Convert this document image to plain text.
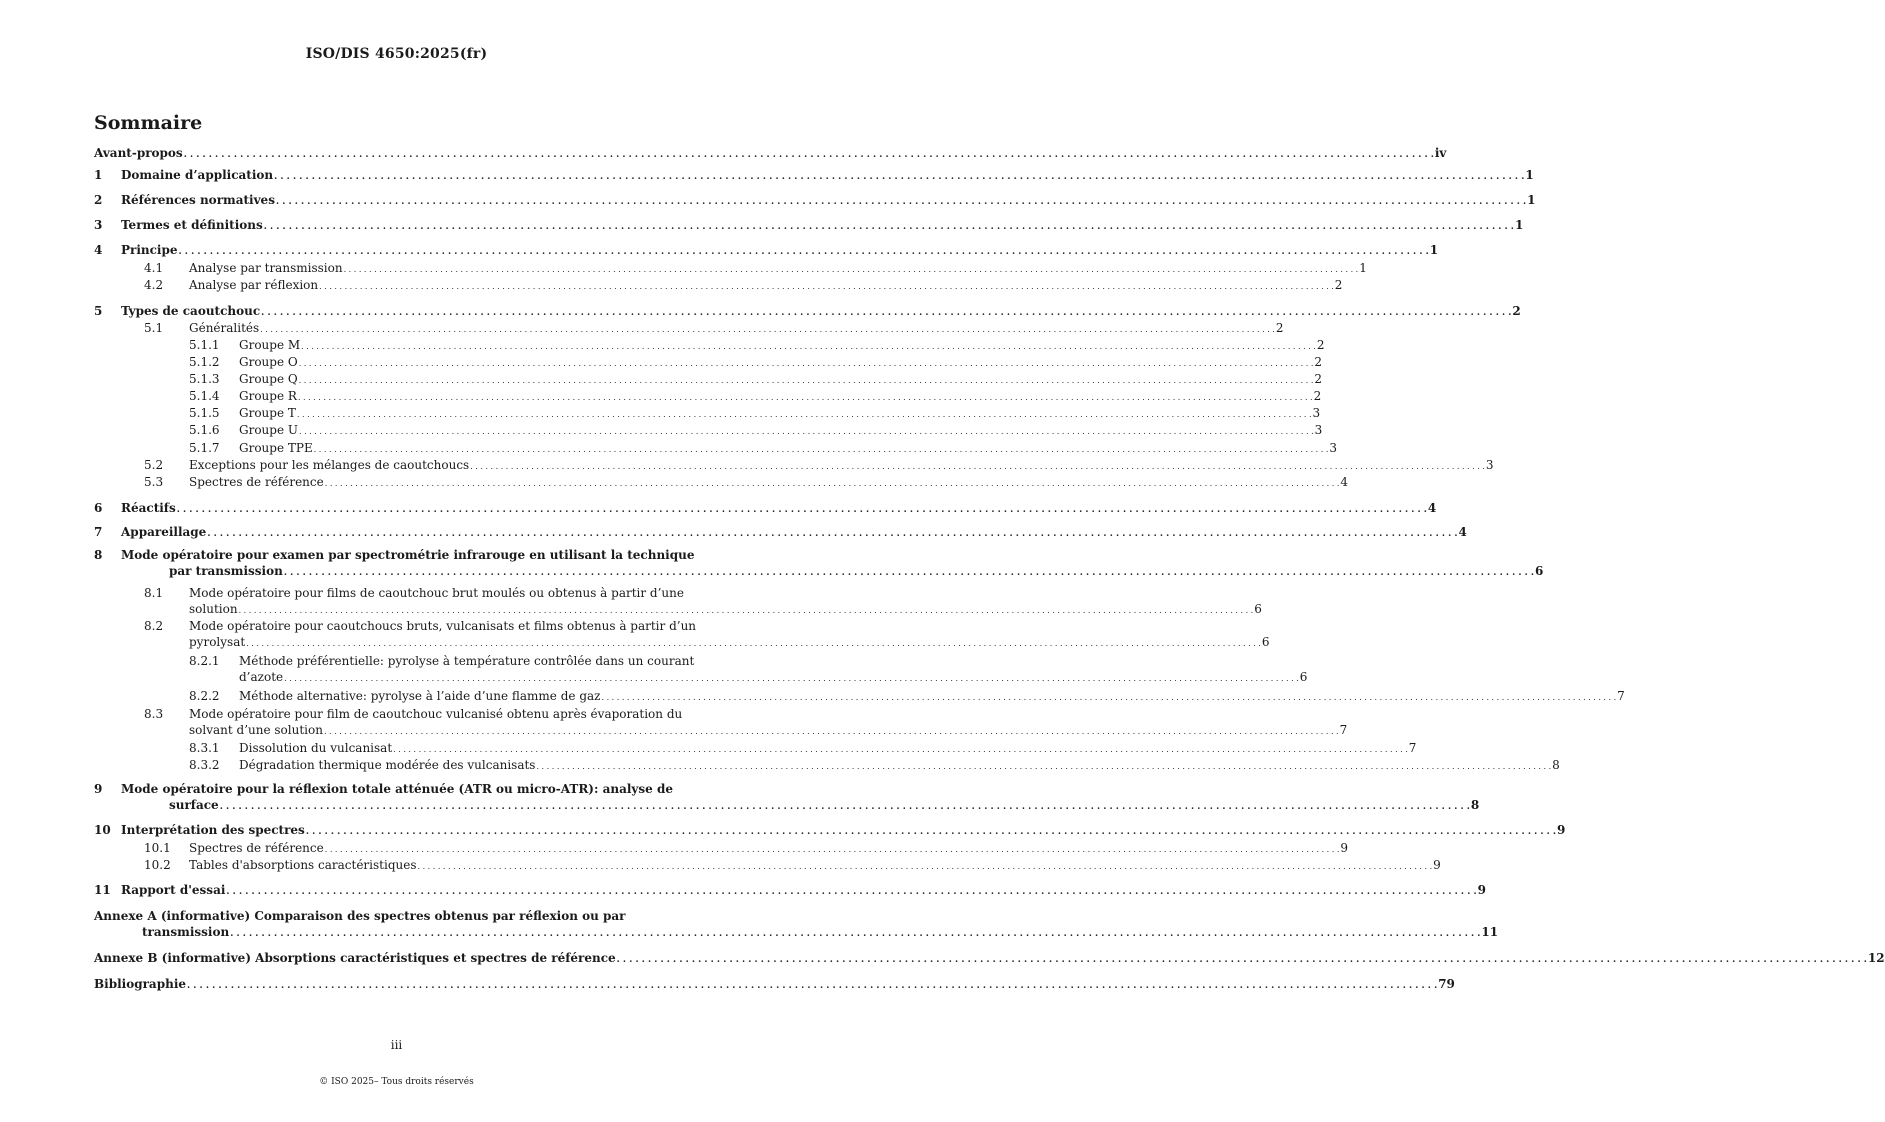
ISO/DIS 4650:2025(fr)
Sommaire
Avant-propos . . . . . . . . . . . . . . . . . . . . . . . . . . . . . . . . . . . . . . . . . . . . . . . . . . . . . . . . . . . . . . . . . . . . . . . . . . . . . . . . . . . . . . . . . . . . . . . . . . . . . . . . . . . . . . . . . . . . . . . . . . . . . . . . . . . . . . . . . . . . . . . . . . . . . . . . . . . . . . . . . . . . . . . . . . . . . . . . . . . . . . . . . . . . . . . . . . . . . . . . iv
1 Domaine d’application . . . . . . . . . . . . . . . . . . . . . . . . . . . . . . . . . . . . . . . . . . . . . . . . . . . . . . . . . . . . . . . . . . . . . . . . . . . . . . . . . . . . . . . . . . . . . . . . . . . . . . . . . . . . . . . . . . . . . . . . . . . . . . . . . . . . . . . . . . . . . . . . . . . . . . . . . . . . . . . . . . . . . . . . . . . . . . . . . . . . . . . . . . . . . . . . . . . . . . . . 1
2 Références normatives . . . . . . . . . . . . . . . . . . . . . . . . . . . . . . . . . . . . . . . . . . . . . . . . . . . . . . . . . . . . . . . . . . . . . . . . . . . . . . . . . . . . . . . . . . . . . . . . . . . . . . . . . . . . . . . . . . . . . . . . . . . . . . . . . . . . . . . . . . . . . . . . . . . . . . . . . . . . . . . . . . . . . . . . . . . . . . . . . . . . . . . . . . . . . . . . . . . . . . . . 1
3 Termes et définitions . . . . . . . . . . . . . . . . . . . . . . . . . . . . . . . . . . . . . . . . . . . . . . . . . . . . . . . . . . . . . . . . . . . . . . . . . . . . . . . . . . . . . . . . . . . . . . . . . . . . . . . . . . . . . . . . . . . . . . . . . . . . . . . . . . . . . . . . . . . . . . . . . . . . . . . . . . . . . . . . . . . . . . . . . . . . . . . . . . . . . . . . . . . . . . . . . . . . . . . . 1
4 Principe . . . . . . . . . . . . . . . . . . . . . . . . . . . . . . . . . . . . . . . . . . . . . . . . . . . . . . . . . . . . . . . . . . . . . . . . . . . . . . . . . . . . . . . . . . . . . . . . . . . . . . . . . . . . . . . . . . . . . . . . . . . . . . . . . . . . . . . . . . . . . . . . . . . . . . . . . . . . . . . . . . . . . . . . . . . . . . . . . . . . . . . . . . . . . . . . . . . . . . . . 1
4.1 Analyse par transmission . . . . . . . . . . . . . . . . . . . . . . . . . . . . . . . . . . . . . . . . . . . . . . . . . . . . . . . . . . . . . . . . . . . . . . . . . . . . . . . . . . . . . . . . . . . . . . . . . . . . . . . . . . . . . . . . . . . . . . . . . . . . . . . . . . . . . . . . . . . . . . . . . . . . . . . . . . . . . . . . . . . . . . . . . . . . . . . . . . . . . . . . . . . . . . . . . . . . . . . . 1
4.2 Analyse par réflexion . . . . . . . . . . . . . . . . . . . . . . . . . . . . . . . . . . . . . . . . . . . . . . . . . . . . . . . . . . . . . . . . . . . . . . . . . . . . . . . . . . . . . . . . . . . . . . . . . . . . . . . . . . . . . . . . . . . . . . . . . . . . . . . . . . . . . . . . . . . . . . . . . . . . . . . . . . . . . . . . . . . . . . . . . . . . . . . . . . . . . . . . . . . . . . . . . . . . . . . . 2
5 Types de caoutchouc . . . . . . . . . . . . . . . . . . . . . . . . . . . . . . . . . . . . . . . . . . . . . . . . . . . . . . . . . . . . . . . . . . . . . . . . . . . . . . . . . . . . . . . . . . . . . . . . . . . . . . . . . . . . . . . . . . . . . . . . . . . . . . . . . . . . . . . . . . . . . . . . . . . . . . . . . . . . . . . . . . . . . . . . . . . . . . . . . . . . . . . . . . . . . . . . . . . . . . . . 2
5.1 Généralités . . . . . . . . . . . . . . . . . . . . . . . . . . . . . . . . . . . . . . . . . . . . . . . . . . . . . . . . . . . . . . . . . . . . . . . . . . . . . . . . . . . . . . . . . . . . . . . . . . . . . . . . . . . . . . . . . . . . . . . . . . . . . . . . . . . . . . . . . . . . . . . . . . . . . . . . . . . . . . . . . . . . . . . . . . . . . . . . . . . . . . . . . . . . . . . . . . . . . . . . 2
5.1.1 Groupe M . . . . . . . . . . . . . . . . . . . . . . . . . . . . . . . . . . . . . . . . . . . . . . . . . . . . . . . . . . . . . . . . . . . . . . . . . . . . . . . . . . . . . . . . . . . . . . . . . . . . . . . . . . . . . . . . . . . . . . . . . . . . . . . . . . . . . . . . . . . . . . . . . . . . . . . . . . . . . . . . . . . . . . . . . . . . . . . . . . . . . . . . . . . . . . . . . . . . . . . . 2
5.1.2 Groupe O . . . . . . . . . . . . . . . . . . . . . . . . . . . . . . . . . . . . . . . . . . . . . . . . . . . . . . . . . . . . . . . . . . . . . . . . . . . . . . . . . . . . . . . . . . . . . . . . . . . . . . . . . . . . . . . . . . . . . . . . . . . . . . . . . . . . . . . . . . . . . . . . . . . . . . . . . . . . . . . . . . . . . . . . . . . . . . . . . . . . . . . . . . . . . . . . . . . . . . . . 2
5.1.3 Groupe Q . . . . . . . . . . . . . . . . . . . . . . . . . . . . . . . . . . . . . . . . . . . . . . . . . . . . . . . . . . . . . . . . . . . . . . . . . . . . . . . . . . . . . . . . . . . . . . . . . . . . . . . . . . . . . . . . . . . . . . . . . . . . . . . . . . . . . . . . . . . . . . . . . . . . . . . . . . . . . . . . . . . . . . . . . . . . . . . . . . . . . . . . . . . . . . . . . . . . . . . . 2
5.1.4 Groupe R . . . . . . . . . . . . . . . . . . . . . . . . . . . . . . . . . . . . . . . . . . . . . . . . . . . . . . . . . . . . . . . . . . . . . . . . . . . . . . . . . . . . . . . . . . . . . . . . . . . . . . . . . . . . . . . . . . . . . . . . . . . . . . . . . . . . . . . . . . . . . . . . . . . . . . . . . . . . . . . . . . . . . . . . . . . . . . . . . . . . . . . . . . . . . . . . . . . . . . . . 2
5.1.5 Groupe T . . . . . . . . . . . . . . . . . . . . . . . . . . . . . . . . . . . . . . . . . . . . . . . . . . . . . . . . . . . . . . . . . . . . . . . . . . . . . . . . . . . . . . . . . . . . . . . . . . . . . . . . . . . . . . . . . . . . . . . . . . . . . . . . . . . . . . . . . . . . . . . . . . . . . . . . . . . . . . . . . . . . . . . . . . . . . . . . . . . . . . . . . . . . . . . . . . . . . . . . 3
5.1.6 Groupe U . . . . . . . . . . . . . . . . . . . . . . . . . . . . . . . . . . . . . . . . . . . . . . . . . . . . . . . . . . . . . . . . . . . . . . . . . . . . . . . . . . . . . . . . . . . . . . . . . . . . . . . . . . . . . . . . . . . . . . . . . . . . . . . . . . . . . . . . . . . . . . . . . . . . . . . . . . . . . . . . . . . . . . . . . . . . . . . . . . . . . . . . . . . . . . . . . . . . . . . . 3
5.1.7 Groupe TPE . . . . . . . . . . . . . . . . . . . . . . . . . . . . . . . . . . . . . . . . . . . . . . . . . . . . . . . . . . . . . . . . . . . . . . . . . . . . . . . . . . . . . . . . . . . . . . . . . . . . . . . . . . . . . . . . . . . . . . . . . . . . . . . . . . . . . . . . . . . . . . . . . . . . . . . . . . . . . . . . . . . . . . . . . . . . . . . . . . . . . . . . . . . . . . . . . . . . . . . . 3
5.2 Exceptions pour les mélanges de caoutchoucs . . . . . . . . . . . . . . . . . . . . . . . . . . . . . . . . . . . . . . . . . . . . . . . . . . . . . . . . . . . . . . . . . . . . . . . . . . . . . . . . . . . . . . . . . . . . . . . . . . . . . . . . . . . . . . . . . . . . . . . . . . . . . . . . . . . . . . . . . . . . . . . . . . . . . . . . . . . . . . . . . . . . . . . . . . . . . . . . . . . . . . . . . . . . . . . . . . . . . . . . 3
5.3 Spectres de référence . . . . . . . . . . . . . . . . . . . . . . . . . . . . . . . . . . . . . . . . . . . . . . . . . . . . . . . . . . . . . . . . . . . . . . . . . . . . . . . . . . . . . . . . . . . . . . . . . . . . . . . . . . . . . . . . . . . . . . . . . . . . . . . . . . . . . . . . . . . . . . . . . . . . . . . . . . . . . . . . . . . . . . . . . . . . . . . . . . . . . . . . . . . . . . . . . . . . . . . . 4
6 Réactifs . . . . . . . . . . . . . . . . . . . . . . . . . . . . . . . . . . . . . . . . . . . . . . . . . . . . . . . . . . . . . . . . . . . . . . . . . . . . . . . . . . . . . . . . . . . . . . . . . . . . . . . . . . . . . . . . . . . . . . . . . . . . . . . . . . . . . . . . . . . . . . . . . . . . . . . . . . . . . . . . . . . . . . . . . . . . . . . . . . . . . . . . . . . . . . . . . . . . . . . . 4
7 Appareillage . . . . . . . . . . . . . . . . . . . . . . . . . . . . . . . . . . . . . . . . . . . . . . . . . . . . . . . . . . . . . . . . . . . . . . . . . . . . . . . . . . . . . . . . . . . . . . . . . . . . . . . . . . . . . . . . . . . . . . . . . . . . . . . . . . . . . . . . . . . . . . . . . . . . . . . . . . . . . . . . . . . . . . . . . . . . . . . . . . . . . . . . . . . . . . . . . . . . . . . . 4
8 Mode opératoire pour examen par spectrométrie infrarouge en utilisant la technique
par transmission . . . . . . . . . . . . . . . . . . . . . . . . . . . . . . . . . . . . . . . . . . . . . . . . . . . . . . . . . . . . . . . . . . . . . . . . . . . . . . . . . . . . . . . . . . . . . . . . . . . . . . . . . . . . . . . . . . . . . . . . . . . . . . . . . . . . . . . . . . . . . . . . . . . . . . . . . . . . . . . . . . . . . . . . . . . . . . . . . . . . . . . . . . . . . . . . . . . . . . . . 6
8.1 Mode opératoire pour films de caoutchouc brut moulés ou obtenus à partir d’une
solution . . . . . . . . . . . . . . . . . . . . . . . . . . . . . . . . . . . . . . . . . . . . . . . . . . . . . . . . . . . . . . . . . . . . . . . . . . . . . . . . . . . . . . . . . . . . . . . . . . . . . . . . . . . . . . . . . . . . . . . . . . . . . . . . . . . . . . . . . . . . . . . . . . . . . . . . . . . . . . . . . . . . . . . . . . . . . . . . . . . . . . . . . . . . . . . . . . . . . . . . 6
8.2 Mode opératoire pour caoutchoucs bruts, vulcanisats et films obtenus à partir d’un
pyrolysat . . . . . . . . . . . . . . . . . . . . . . . . . . . . . . . . . . . . . . . . . . . . . . . . . . . . . . . . . . . . . . . . . . . . . . . . . . . . . . . . . . . . . . . . . . . . . . . . . . . . . . . . . . . . . . . . . . . . . . . . . . . . . . . . . . . . . . . . . . . . . . . . . . . . . . . . . . . . . . . . . . . . . . . . . . . . . . . . . . . . . . . . . . . . . . . . . . . . . . . . 6
8.2.1 Méthode préférentielle: pyrolyse à température contrôlée dans un courant
d’azote . . . . . . . . . . . . . . . . . . . . . . . . . . . . . . . . . . . . . . . . . . . . . . . . . . . . . . . . . . . . . . . . . . . . . . . . . . . . . . . . . . . . . . . . . . . . . . . . . . . . . . . . . . . . . . . . . . . . . . . . . . . . . . . . . . . . . . . . . . . . . . . . . . . . . . . . . . . . . . . . . . . . . . . . . . . . . . . . . . . . . . . . . . . . . . . . . . . . . . . . 6
8.2.2 Méthode alternative: pyrolyse à l’aide d’une flamme de gaz . . . . . . . . . . . . . . . . . . . . . . . . . . . . . . . . . . . . . . . . . . . . . . . . . . . . . . . . . . . . . . . . . . . . . . . . . . . . . . . . . . . . . . . . . . . . . . . . . . . . . . . . . . . . . . . . . . . . . . . . . . . . . . . . . . . . . . . . . . . . . . . . . . . . . . . . . . . . . . . . . . . . . . . . . . . . . . . . . . . . . . . . . . . . . . . . . . . . . . . . 7
8.3 Mode opératoire pour film de caoutchouc vulcanisé obtenu après évaporation du
solvant d’une solution . . . . . . . . . . . . . . . . . . . . . . . . . . . . . . . . . . . . . . . . . . . . . . . . . . . . . . . . . . . . . . . . . . . . . . . . . . . . . . . . . . . . . . . . . . . . . . . . . . . . . . . . . . . . . . . . . . . . . . . . . . . . . . . . . . . . . . . . . . . . . . . . . . . . . . . . . . . . . . . . . . . . . . . . . . . . . . . . . . . . . . . . . . . . . . . . . . . . . . . . 7
8.3.1 Dissolution du vulcanisat . . . . . . . . . . . . . . . . . . . . . . . . . . . . . . . . . . . . . . . . . . . . . . . . . . . . . . . . . . . . . . . . . . . . . . . . . . . . . . . . . . . . . . . . . . . . . . . . . . . . . . . . . . . . . . . . . . . . . . . . . . . . . . . . . . . . . . . . . . . . . . . . . . . . . . . . . . . . . . . . . . . . . . . . . . . . . . . . . . . . . . . . . . . . . . . . . . . . . . . . 7
8.3.2 Dégradation thermique modérée des vulcanisats . . . . . . . . . . . . . . . . . . . . . . . . . . . . . . . . . . . . . . . . . . . . . . . . . . . . . . . . . . . . . . . . . . . . . . . . . . . . . . . . . . . . . . . . . . . . . . . . . . . . . . . . . . . . . . . . . . . . . . . . . . . . . . . . . . . . . . . . . . . . . . . . . . . . . . . . . . . . . . . . . . . . . . . . . . . . . . . . . . . . . . . . . . . . . . . . . . . . . . . . 8
9 Mode opératoire pour la réflexion totale atténuée (ATR ou micro-ATR): analyse de
surface . . . . . . . . . . . . . . . . . . . . . . . . . . . . . . . . . . . . . . . . . . . . . . . . . . . . . . . . . . . . . . . . . . . . . . . . . . . . . . . . . . . . . . . . . . . . . . . . . . . . . . . . . . . . . . . . . . . . . . . . . . . . . . . . . . . . . . . . . . . . . . . . . . . . . . . . . . . . . . . . . . . . . . . . . . . . . . . . . . . . . . . . . . . . . . . . . . . . . . . . 8
10 Interprétation des spectres . . . . . . . . . . . . . . . . . . . . . . . . . . . . . . . . . . . . . . . . . . . . . . . . . . . . . . . . . . . . . . . . . . . . . . . . . . . . . . . . . . . . . . . . . . . . . . . . . . . . . . . . . . . . . . . . . . . . . . . . . . . . . . . . . . . . . . . . . . . . . . . . . . . . . . . . . . . . . . . . . . . . . . . . . . . . . . . . . . . . . . . . . . . . . . . . . . . . . . . . 9
10.1 Spectres de référence . . . . . . . . . . . . . . . . . . . . . . . . . . . . . . . . . . . . . . . . . . . . . . . . . . . . . . . . . . . . . . . . . . . . . . . . . . . . . . . . . . . . . . . . . . . . . . . . . . . . . . . . . . . . . . . . . . . . . . . . . . . . . . . . . . . . . . . . . . . . . . . . . . . . . . . . . . . . . . . . . . . . . . . . . . . . . . . . . . . . . . . . . . . . . . . . . . . . . . . . 9
10.2 Tables d'absorptions caractéristiques . . . . . . . . . . . . . . . . . . . . . . . . . . . . . . . . . . . . . . . . . . . . . . . . . . . . . . . . . . . . . . . . . . . . . . . . . . . . . . . . . . . . . . . . . . . . . . . . . . . . . . . . . . . . . . . . . . . . . . . . . . . . . . . . . . . . . . . . . . . . . . . . . . . . . . . . . . . . . . . . . . . . . . . . . . . . . . . . . . . . . . . . . . . . . . . . . . . . . . . . 9
11 Rapport d'essai . . . . . . . . . . . . . . . . . . . . . . . . . . . . . . . . . . . . . . . . . . . . . . . . . . . . . . . . . . . . . . . . . . . . . . . . . . . . . . . . . . . . . . . . . . . . . . . . . . . . . . . . . . . . . . . . . . . . . . . . . . . . . . . . . . . . . . . . . . . . . . . . . . . . . . . . . . . . . . . . . . . . . . . . . . . . . . . . . . . . . . . . . . . . . . . . . . . . . . . . 9
Annexe A (informative) Comparaison des spectres obtenus par réflexion ou par
transmission . . . . . . . . . . . . . . . . . . . . . . . . . . . . . . . . . . . . . . . . . . . . . . . . . . . . . . . . . . . . . . . . . . . . . . . . . . . . . . . . . . . . . . . . . . . . . . . . . . . . . . . . . . . . . . . . . . . . . . . . . . . . . . . . . . . . . . . . . . . . . . . . . . . . . . . . . . . . . . . . . . . . . . . . . . . . . . . . . . . . . . . . . . . . . . . . . . . . . . . . 11
Annexe B (informative) Absorptions caractéristiques et spectres de référence . . . . . . . . . . . . . . . . . . . . . . . . . . . . . . . . . . . . . . . . . . . . . . . . . . . . . . . . . . . . . . . . . . . . . . . . . . . . . . . . . . . . . . . . . . . . . . . . . . . . . . . . . . . . . . . . . . . . . . . . . . . . . . . . . . . . . . . . . . . . . . . . . . . . . . . . . . . . . . . . . . . . . . . . . . . . . . . . . . . . . . . . . . . . . . . . . . . . . . . . 12
Bibliographie . . . . . . . . . . . . . . . . . . . . . . . . . . . . . . . . . . . . . . . . . . . . . . . . . . . . . . . . . . . . . . . . . . . . . . . . . . . . . . . . . . . . . . . . . . . . . . . . . . . . . . . . . . . . . . . . . . . . . . . . . . . . . . . . . . . . . . . . . . . . . . . . . . . . . . . . . . . . . . . . . . . . . . . . . . . . . . . . . . . . . . . . . . . . . . . . . . . . . . . . 79
iii
© ISO 2025– Tous droits réservés
